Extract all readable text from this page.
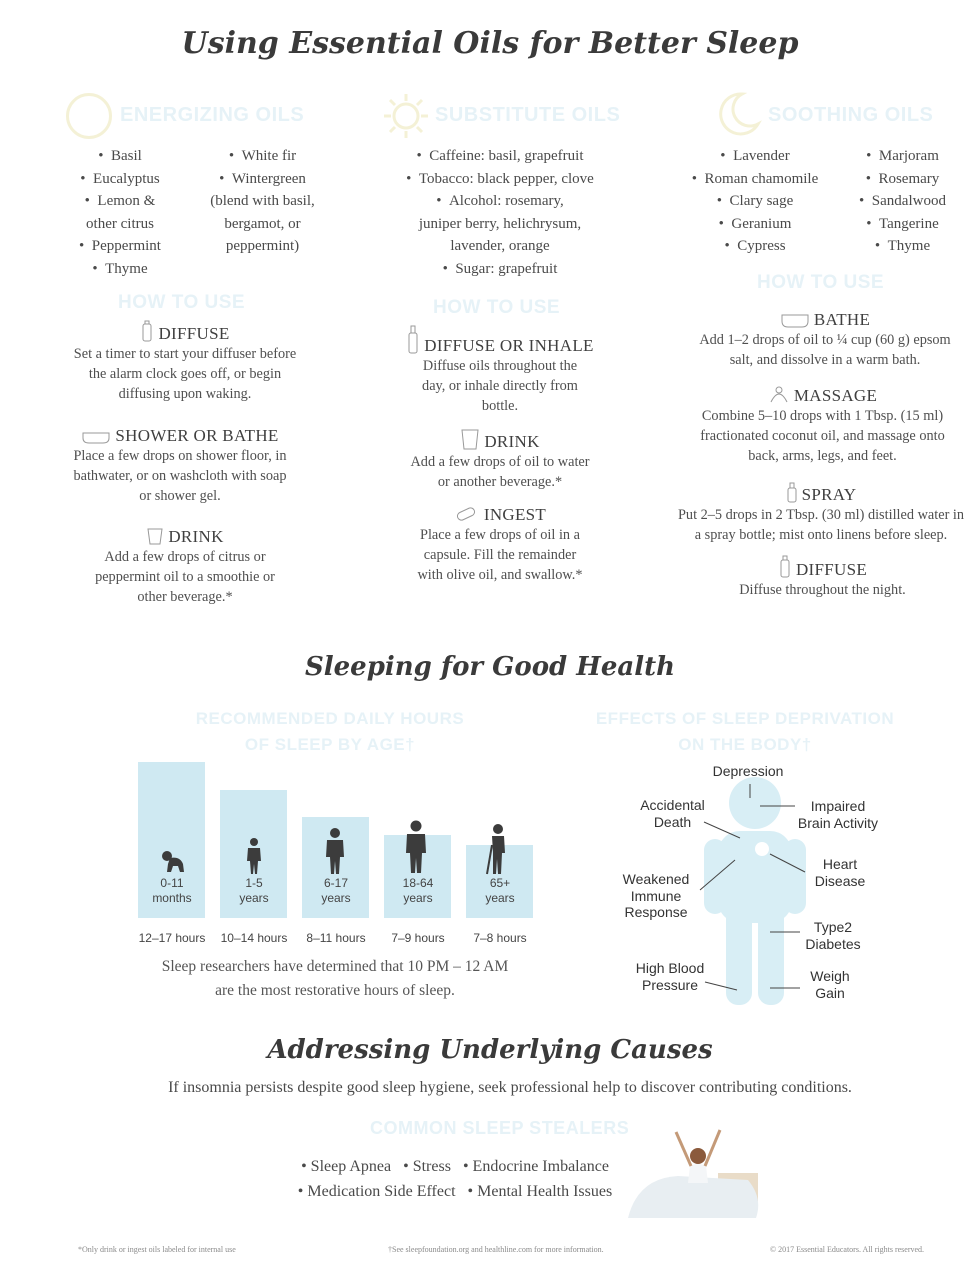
Using Essential Oils for Better Sleep
ENERGIZING OILS
•  Basil
•  Eucalyptus
•  Lemon &
other citrus
•  Peppermint
•  Thyme
•  White fir
•  Wintergreen
(blend with basil,
bergamot, or
peppermint)
HOW TO USE
DIFFUSE
Set a timer to start your diffuser before the alarm clock goes off, or begin diffusing upon waking.
SHOWER OR BATHE
Place a few drops on shower floor, in bathwater, or on washcloth with soap or shower gel.
DRINK
Add a few drops of citrus or peppermint oil to a smoothie or other beverage.*
SUBSTITUTE OILS
•  Caffeine: basil, grapefruit
•  Tobacco: black pepper, clove
•  Alcohol: rosemary,
juniper berry, helichrysum,
lavender, orange
•  Sugar: grapefruit
HOW TO USE
DIFFUSE OR INHALE
Diffuse oils throughout the day, or inhale directly from bottle.
DRINK
Add a few drops of oil to water or another beverage.*
INGEST
Place a few drops of oil in a capsule. Fill the remainder with olive oil, and swallow.*
SOOTHING OILS
•  Lavender
•  Roman chamomile
•  Clary sage
•  Geranium
•  Cypress
•  Marjoram
•  Rosemary
•  Sandalwood
•  Tangerine
•  Thyme
HOW TO USE
BATHE
Add 1–2 drops of oil to ¼ cup (60 g) epsom salt, and dissolve in a warm bath.
MASSAGE
Combine 5–10 drops with 1 Tbsp. (15 ml) fractionated coconut oil, and massage onto back, arms, legs, and feet.
SPRAY
Put 2–5 drops in 2 Tbsp. (30 ml) distilled water in a spray bottle; mist onto linens before sleep.
DIFFUSE
Diffuse throughout the night.
Sleeping for Good Health
RECOMMENDED DAILY HOURS
OF SLEEP BY AGE†
0-11
months
1-5
years
6-17
years
18-64
years
65+
years
12–17 hours	10–14 hours	8–11 hours	7–9 hours	7–8 hours
Sleep researchers have determined that 10 PM – 12 AM
are the most restorative hours of sleep.
EFFECTS OF SLEEP DEPRIVATION
ON THE BODY†
Depression
Accidental
Death
Impaired
Brain Activity
Heart
Disease
Weakened
Immune
Response
Type2
Diabetes
High Blood
Pressure
Weigh
Gain
Addressing Underlying Causes
If insomnia persists despite good sleep hygiene, seek professional help to discover contributing conditions.
COMMON SLEEP STEALERS
• Sleep Apnea • Stress • Endocrine Imbalance
• Medication Side Effect • Mental Health Issues
*Only drink or ingest oils labeled for internal use	†See sleepfoundation.org and healthline.com for more information.	© 2017 Essential Educators. All rights reserved.
